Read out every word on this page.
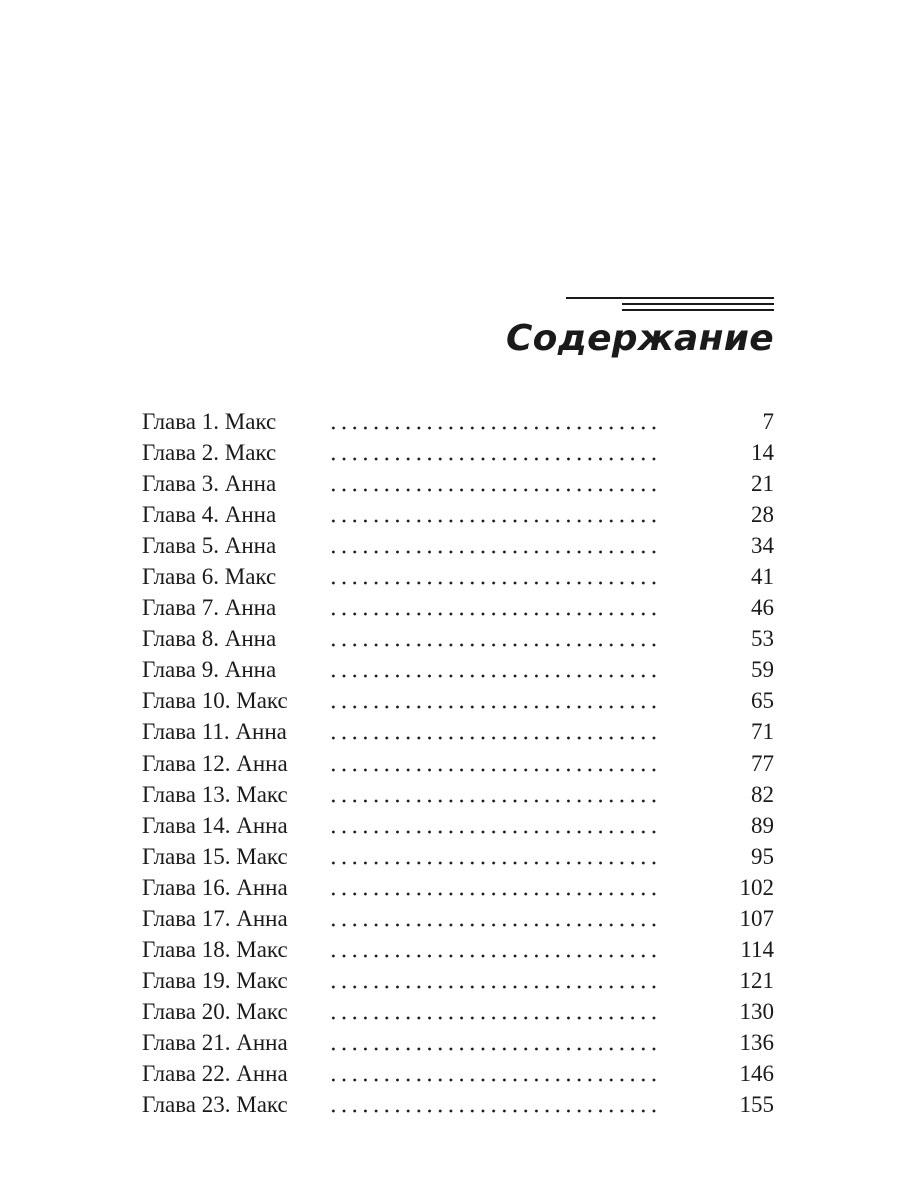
Содержание
Глава 1. Макс	7
Глава 2. Макс	14
Глава 3. Анна	21
Глава 4. Анна	28
Глава 5. Анна	34
Глава 6. Макс	41
Глава 7. Анна	46
Глава 8. Анна	53
Глава 9. Анна	59
Глава 10. Макс	65
Глава 11. Анна	71
Глава 12. Анна	77
Глава 13. Макс	82
Глава 14. Анна	89
Глава 15. Макс	95
Глава 16. Анна	102
Глава 17. Анна	107
Глава 18. Макс	114
Глава 19. Макс	121
Глава 20. Макс	130
Глава 21. Анна	136
Глава 22. Анна	146
Глава 23. Макс	155
